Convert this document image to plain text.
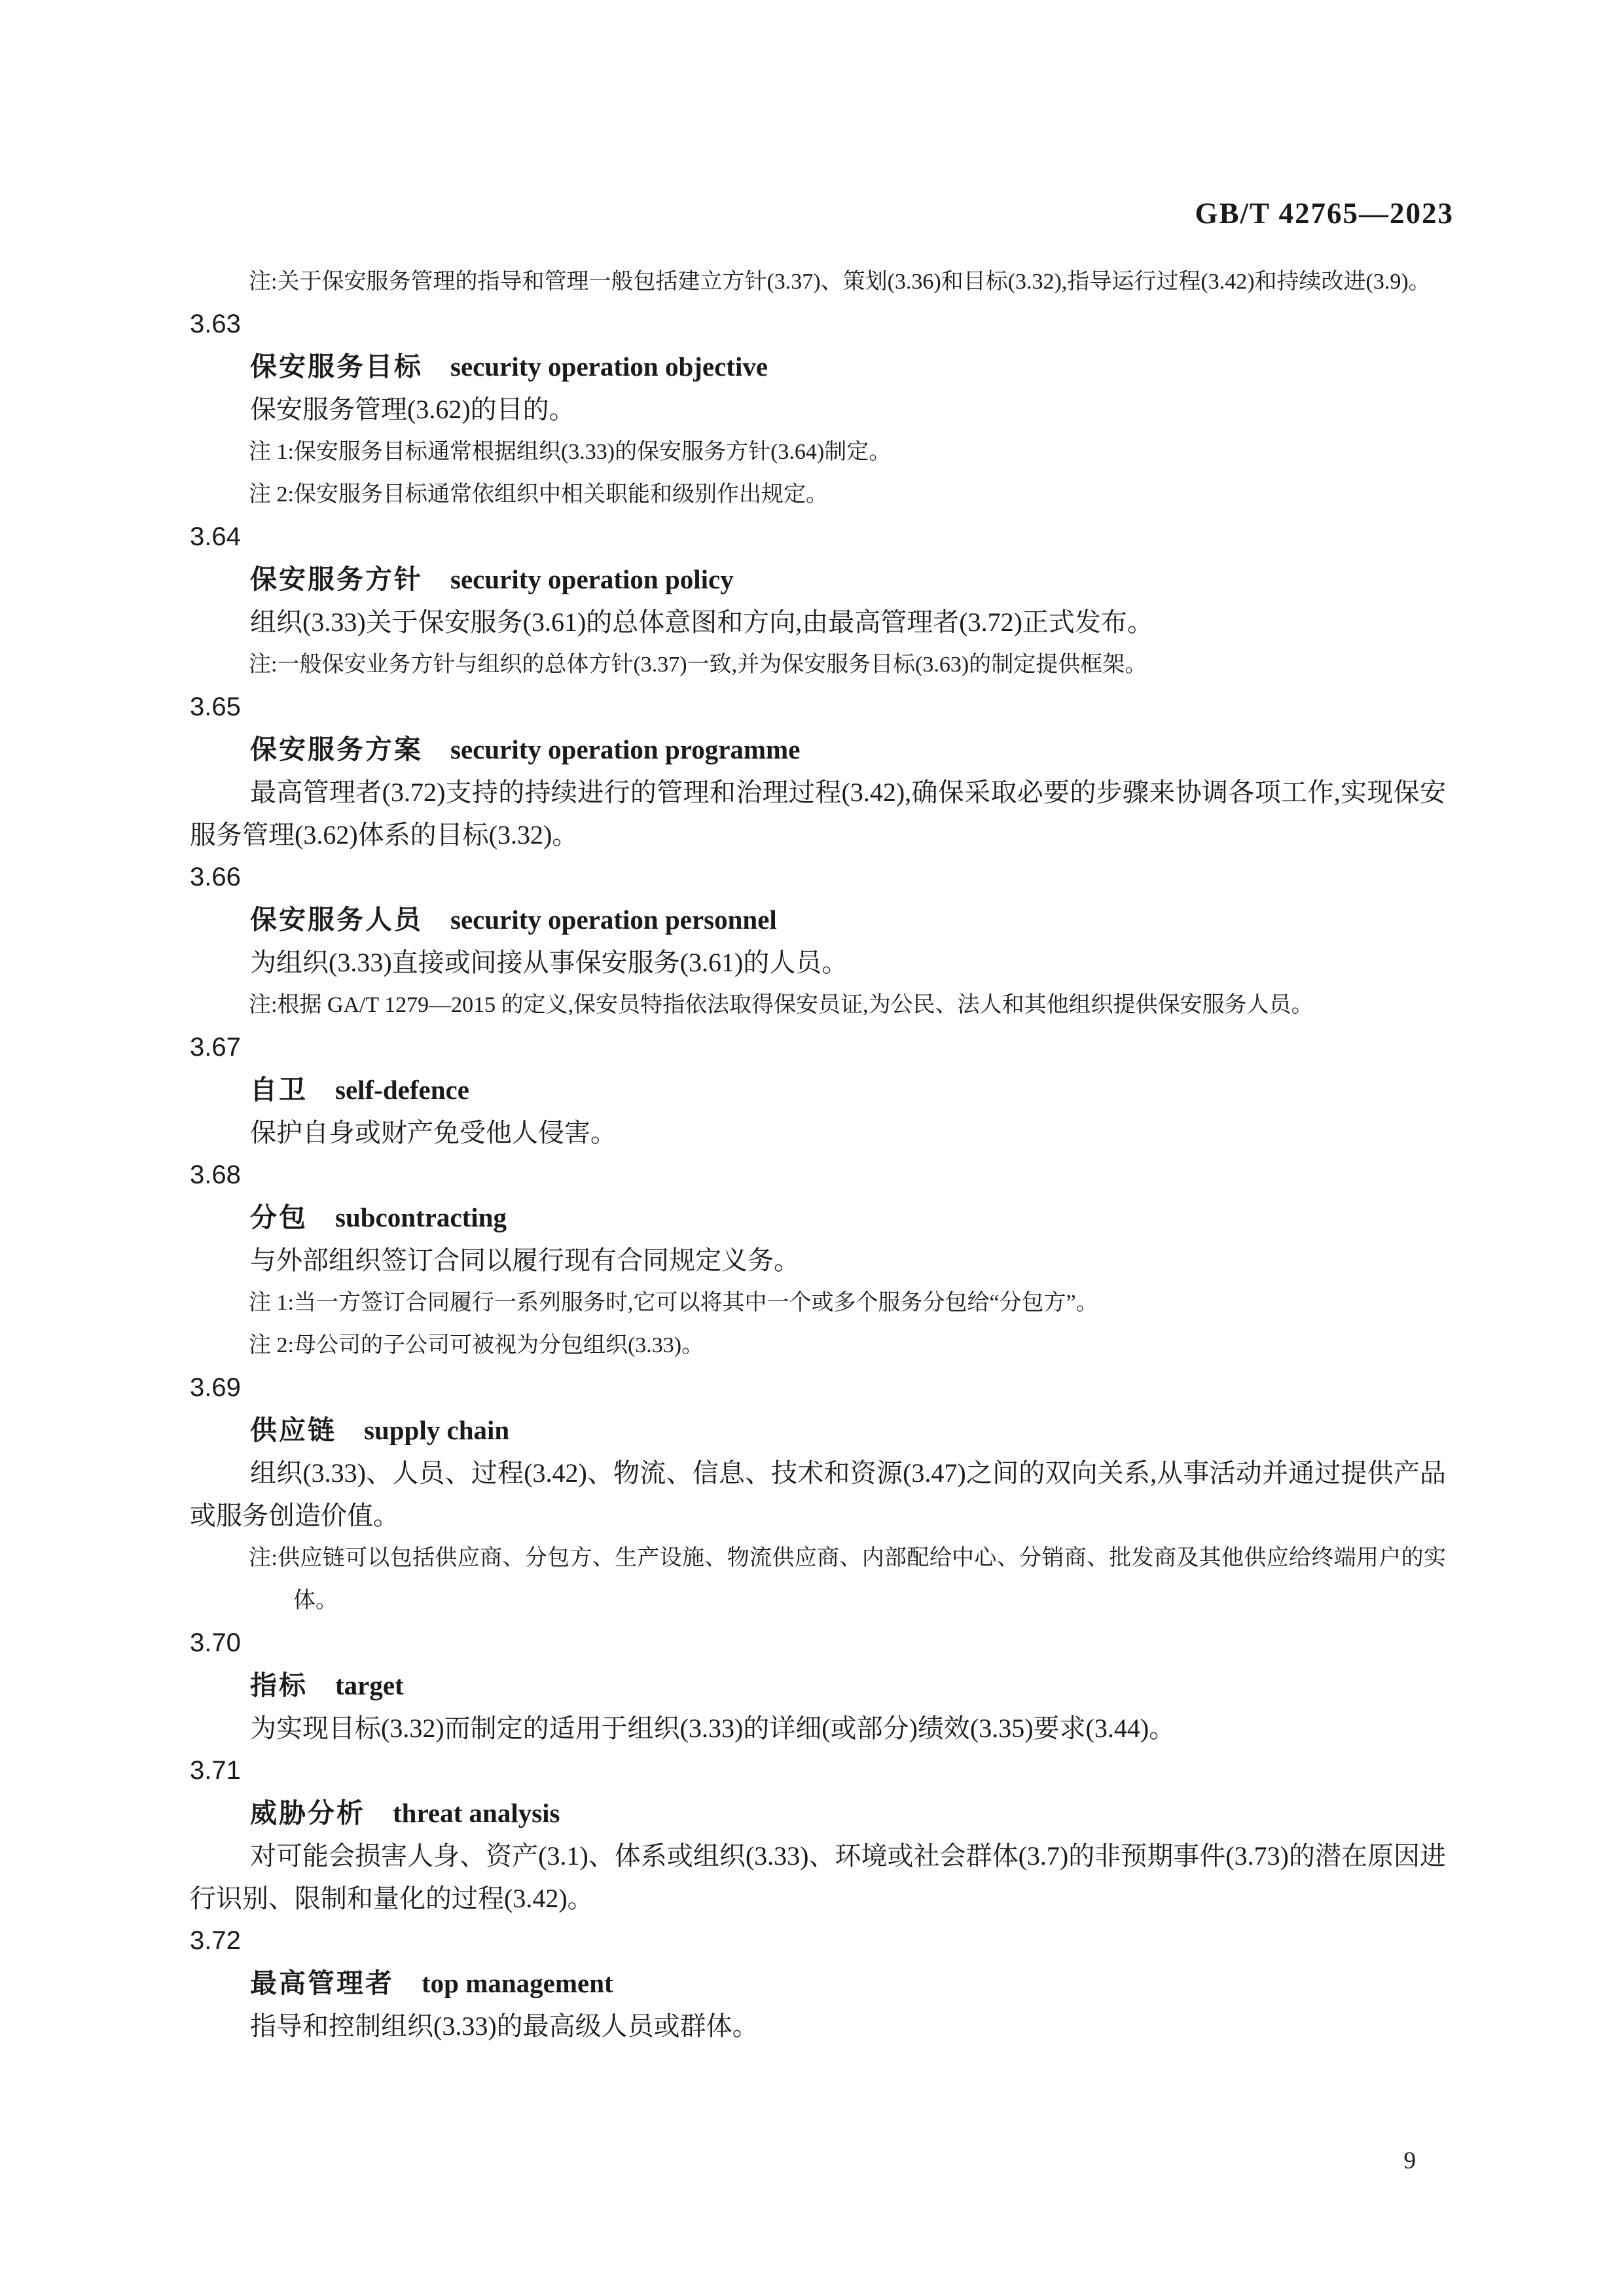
GB/T 42765—2023

注:关于保安服务管理的指导和管理一般包括建立方针(3.37)、策划(3.36)和目标(3.32),指导运行过程(3.42)和持续改进(3.9)。

3.63

保安服务目标 security operation objective

保安服务管理(3.62)的目的。

注 1:保安服务目标通常根据组织(3.33)的保安服务方针(3.64)制定。

注 2:保安服务目标通常依组织中相关职能和级别作出规定。

3.64

保安服务方针 security operation policy

组织(3.33)关于保安服务(3.61)的总体意图和方向,由最高管理者(3.72)正式发布。

注:一般保安业务方针与组织的总体方针(3.37)一致,并为保安服务目标(3.63)的制定提供框架。

3.65

保安服务方案 security operation programme

最高管理者(3.72)支持的持续进行的管理和治理过程(3.42),确保采取必要的步骤来协调各项工作,实现保安服务管理(3.62)体系的目标(3.32)。

3.66

保安服务人员 security operation personnel

为组织(3.33)直接或间接从事保安服务(3.61)的人员。

注:根据 GA/T 1279—2015 的定义,保安员特指依法取得保安员证,为公民、法人和其他组织提供保安服务人员。

3.67

自卫 self-defence

保护自身或财产免受他人侵害。

3.68

分包 subcontracting

与外部组织签订合同以履行现有合同规定义务。

注 1:当一方签订合同履行一系列服务时,它可以将其中一个或多个服务分包给“分包方”。

注 2:母公司的子公司可被视为分包组织(3.33)。

3.69

供应链 supply chain

组织(3.33)、人员、过程(3.42)、物流、信息、技术和资源(3.47)之间的双向关系,从事活动并通过提供产品或服务创造价值。

注:供应链可以包括供应商、分包方、生产设施、物流供应商、内部配给中心、分销商、批发商及其他供应给终端用户的实体。

3.70

指标 target

为实现目标(3.32)而制定的适用于组织(3.33)的详细(或部分)绩效(3.35)要求(3.44)。

3.71

威胁分析 threat analysis

对可能会损害人身、资产(3.1)、体系或组织(3.33)、环境或社会群体(3.7)的非预期事件(3.73)的潜在原因进行识别、限制和量化的过程(3.42)。

3.72

最高管理者 top management

指导和控制组织(3.33)的最高级人员或群体。

9
